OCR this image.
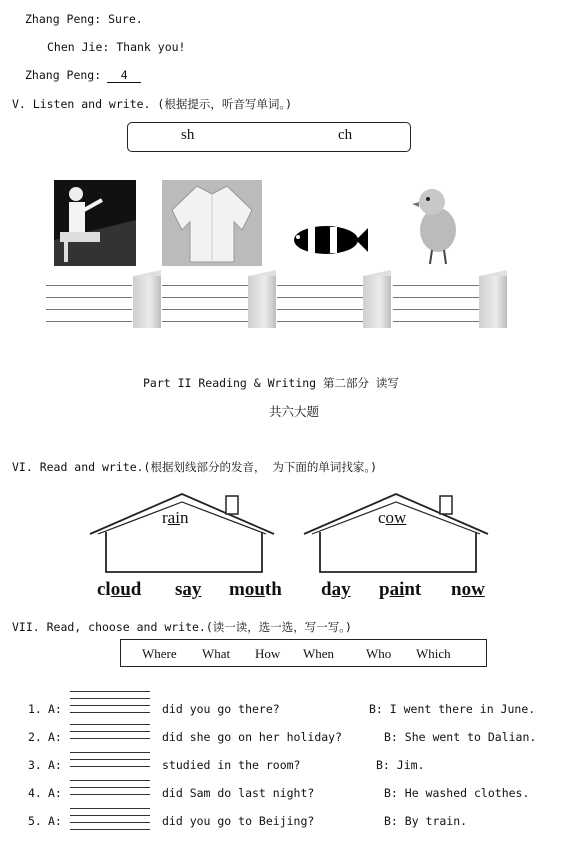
Zhang Peng: Sure.
Chen Jie: Thank you!
Zhang Peng: 4
V. Listen and write. (根据提示，听音写单词。)
sh	ch
Part II Reading & Writing 第二部分 读写
共六大题
VI. Read and write.(根据划线部分的发音， 为下面的单词找家。)
rain	cow
cloud say mouth day paint now
VII. Read, choose and write.(读一读，选一选，写一写。)
Where What How When Who Which
1. A:	did you go there?	B: I went there in June.
2. A:	did she go on her holiday?	B: She went to Dalian.
3. A:	studied in the room?	B: Jim.
4. A:	did Sam do last night?	B: He washed clothes.
5. A:	did you go to Beijing?	B: By train.
